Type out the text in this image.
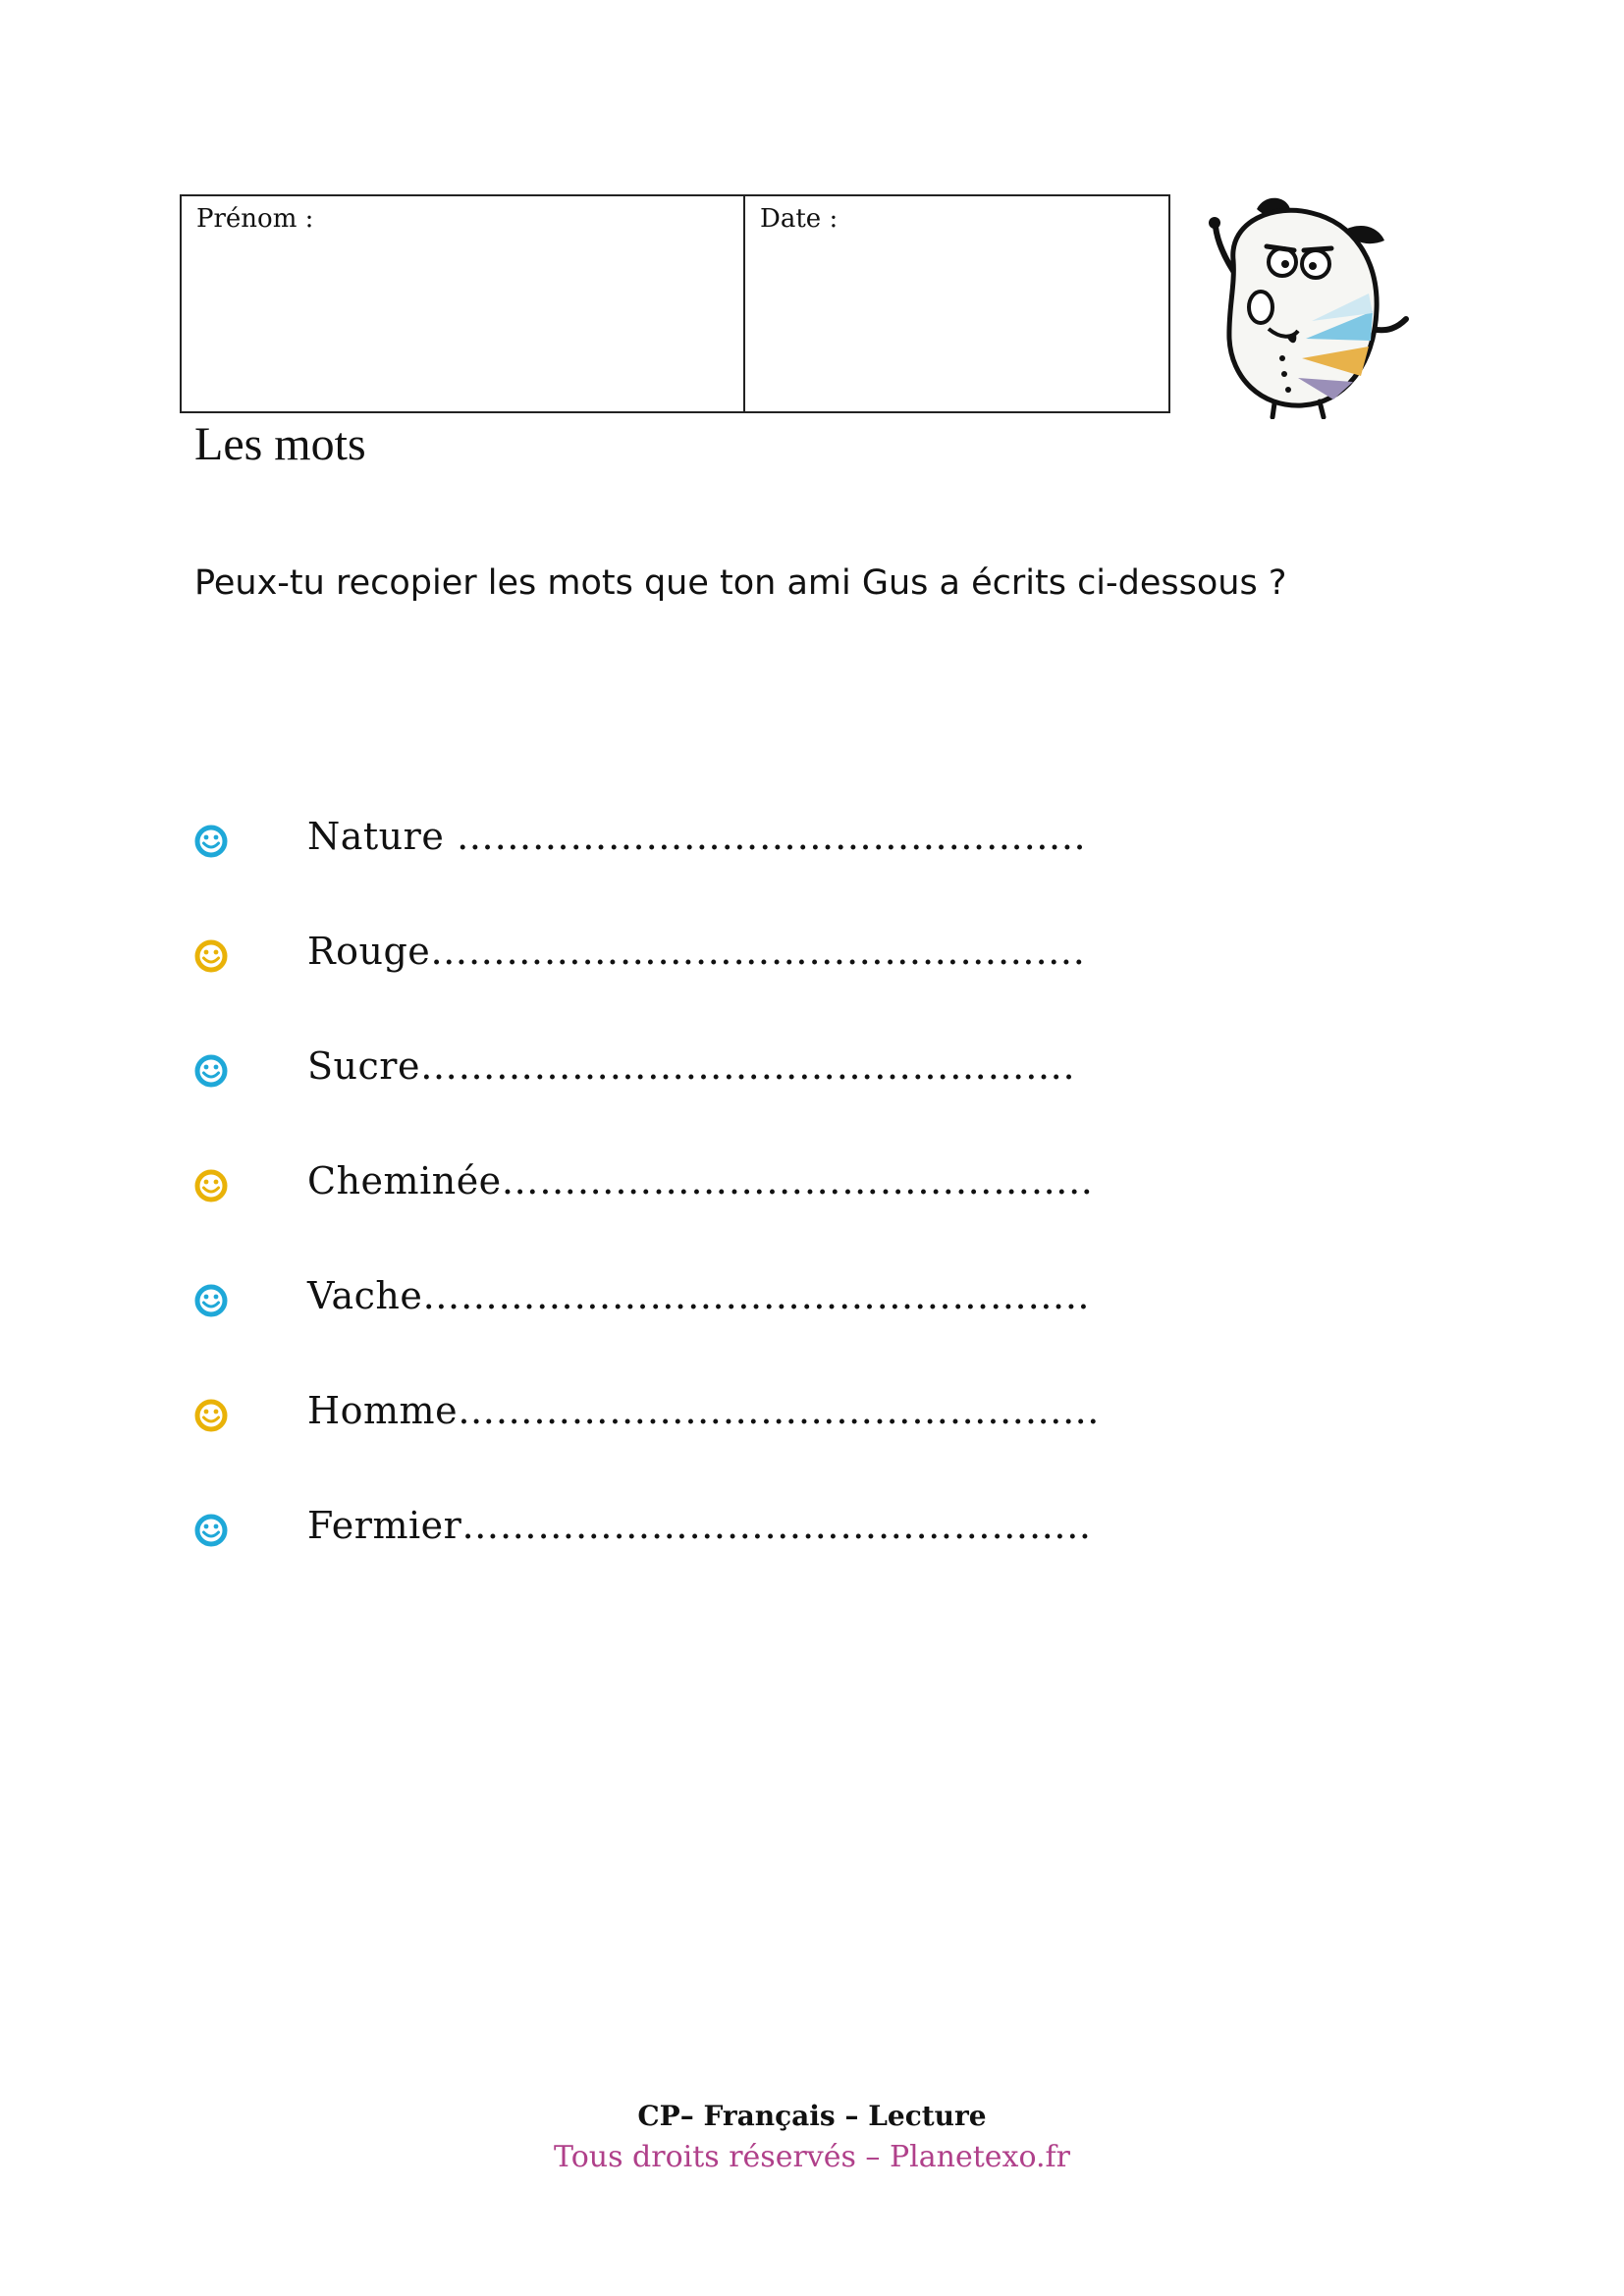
Prénom :	Date :
Les mots
Peux-tu recopier les mots que ton ami Gus a écrits ci-dessous ?
Nature …………………………………………..
Rouge…………………………………………….
Sucre…………………………………………….
Cheminée………………………………………..
Vache……………………………………………..
Homme…………………………………………...
Fermier…………………………………………..
CP– Français – Lecture
Tous droits réservés – Planetexo.fr
